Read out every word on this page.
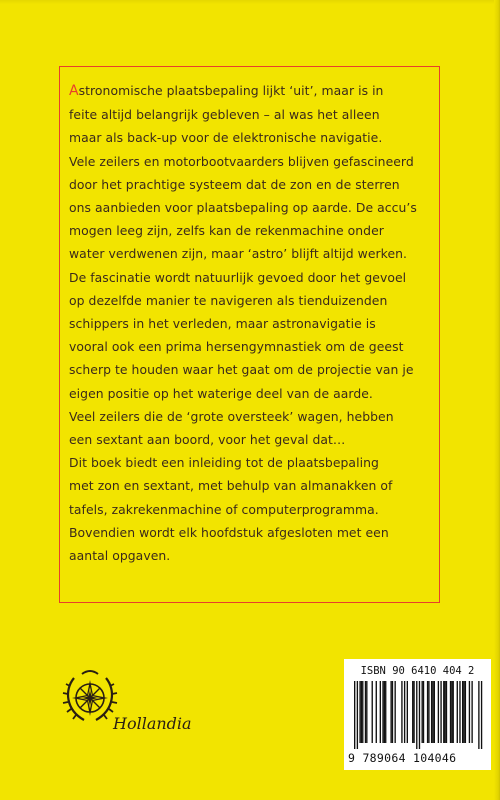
Astronomische plaatsbepaling lijkt ‘uit’, maar is in
feite altijd belangrijk gebleven – al was het alleen
maar als back-up voor de elektronische navigatie.

Vele zeilers en motorbootvaarders blijven gefascineerd
door het prachtige systeem dat de zon en de sterren
ons aanbieden voor plaatsbepaling op aarde. De accu’s
mogen leeg zijn, zelfs kan de rekenmachine onder
water verdwenen zijn, maar ‘astro’ blijft altijd werken.

De fascinatie wordt natuurlijk gevoed door het gevoel
op dezelfde manier te navigeren als tienduizenden
schippers in het verleden, maar astronavigatie is
vooral ook een prima hersengymnastiek om de geest
scherp te houden waar het gaat om de projectie van je
eigen positie op het waterige deel van de aarde.

Veel zeilers die de ‘grote oversteek’ wagen, hebben
een sextant aan boord, voor het geval dat…

Dit boek biedt een inleiding tot de plaatsbepaling
met zon en sextant, met behulp van almanakken of
tafels, zakrekenmachine of computerprogramma.
Bovendien wordt elk hoofdstuk afgesloten met een
aantal opgaven.

Hollandia
ISBN 90 6410 404 2
9 789064 104046
